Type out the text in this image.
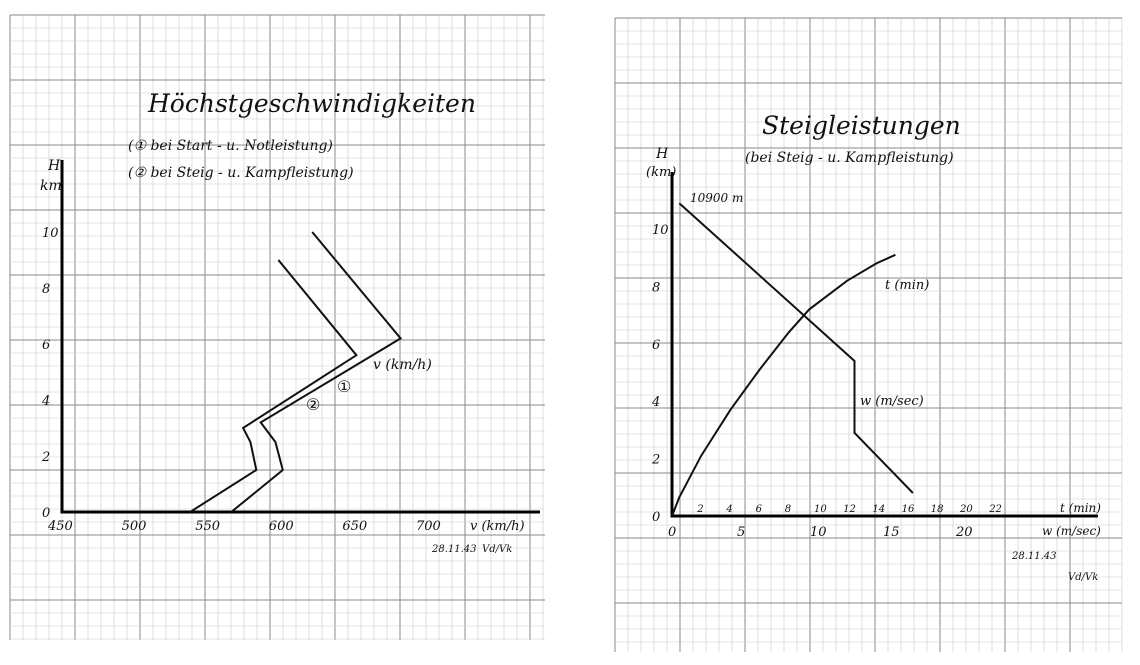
Höchstgeschwindigkeiten
(① bei Start - u. Notleistung)
(② bei Steig - u. Kampfleistung)
H
km
0
2
4
6
8
10
450	500	550	600	650	700 v (km/h)
v (km/h)
①
②
28.11.43 Vd/Vk
Steigleistungen
(bei Steig - u. Kampfleistung)
H
(km)
0
2
4
6
8
10
2 4 6 8 10 12 14 16 18 20 22
0	5	10	15	20
t (min)
w (m/sec)
10900 m
t (min)
w (m/sec)
28.11.43
Vd/Vk
